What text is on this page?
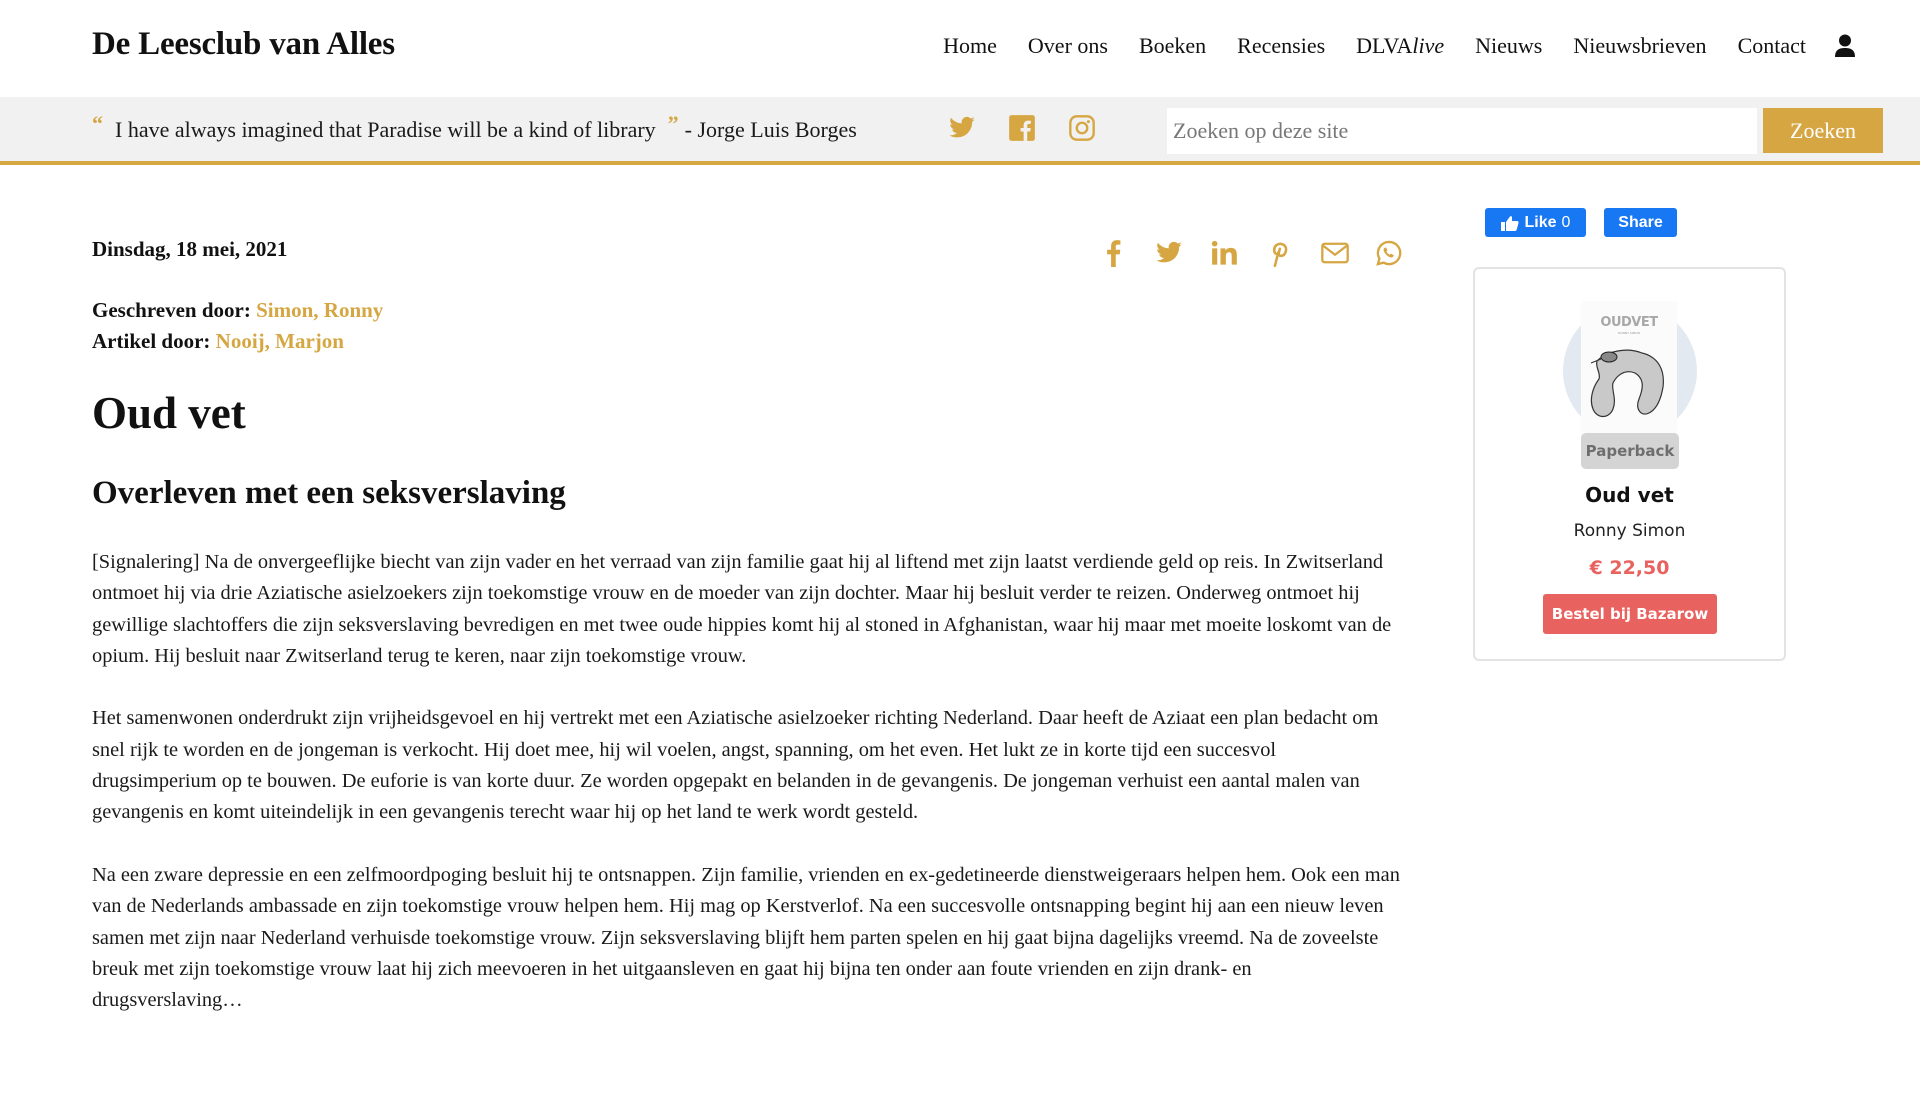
De Leesclub van Alles	Home Over ons Boeken Recensies DLVAlive Nieuws Nieuwsbrieven Contact
“ I have always imagined that Paradise will be a kind of library ” - Jorge Luis Borges
Zoeken op deze site	Zoeken
Dinsdag, 18 mei, 2021
Geschreven door: Simon, Ronny
Artikel door: Nooij, Marjon
Oud vet
Overleven met een seksverslaving

[Signalering] Na de onvergeeflijke biecht van zijn vader en het verraad van zijn familie gaat hij al liftend met zijn laatst verdiende geld op reis. In Zwitserland ontmoet hij via drie Aziatische asielzoekers zijn toekomstige vrouw en de moeder van zijn dochter. Maar hij besluit verder te reizen. Onderweg ontmoet hij gewillige slachtoffers die zijn seksverslaving bevredigen en met twee oude hippies komt hij al stoned in Afghanistan, waar hij maar met moeite loskomt van de opium. Hij besluit naar Zwitserland terug te keren, naar zijn toekomstige vrouw.

Het samenwonen onderdrukt zijn vrijheidsgevoel en hij vertrekt met een Aziatische asielzoeker richting Nederland. Daar heeft de Aziaat een plan bedacht om snel rijk te worden en de jongeman is verkocht. Hij doet mee, hij wil voelen, angst, spanning, om het even. Het lukt ze in korte tijd een succesvol drugsimperium op te bouwen. De euforie is van korte duur. Ze worden opgepakt en belanden in de gevangenis. De jongeman verhuist een aantal malen van gevangenis en komt uiteindelijk in een gevangenis terecht waar hij op het land te werk wordt gesteld.

Na een zware depressie en een zelfmoordpoging besluit hij te ontsnappen. Zijn familie, vrienden en ex-gedetineerde dienstweigeraars helpen hem. Ook een man van de Nederlands ambassade en zijn toekomstige vrouw helpen hem. Hij mag op Kerstverlof. Na een succesvolle ontsnapping begint hij aan een nieuw leven samen met zijn naar Nederland verhuisde toekomstige vrouw. Zijn seksverslaving blijft hem parten spelen en hij gaat bijna dagelijks vreemd. Na de zoveelste breuk met zijn toekomstige vrouw laat hij zich meevoeren in het uitgaansleven en gaat hij bijna ten onder aan foute vrienden en zijn drank- en drugsverslaving…

Like 0	Share
OUDVET
RONNY SIMON
Paperback
Oud vet
Ronny Simon
€ 22,50
Bestel bij Bazarow
